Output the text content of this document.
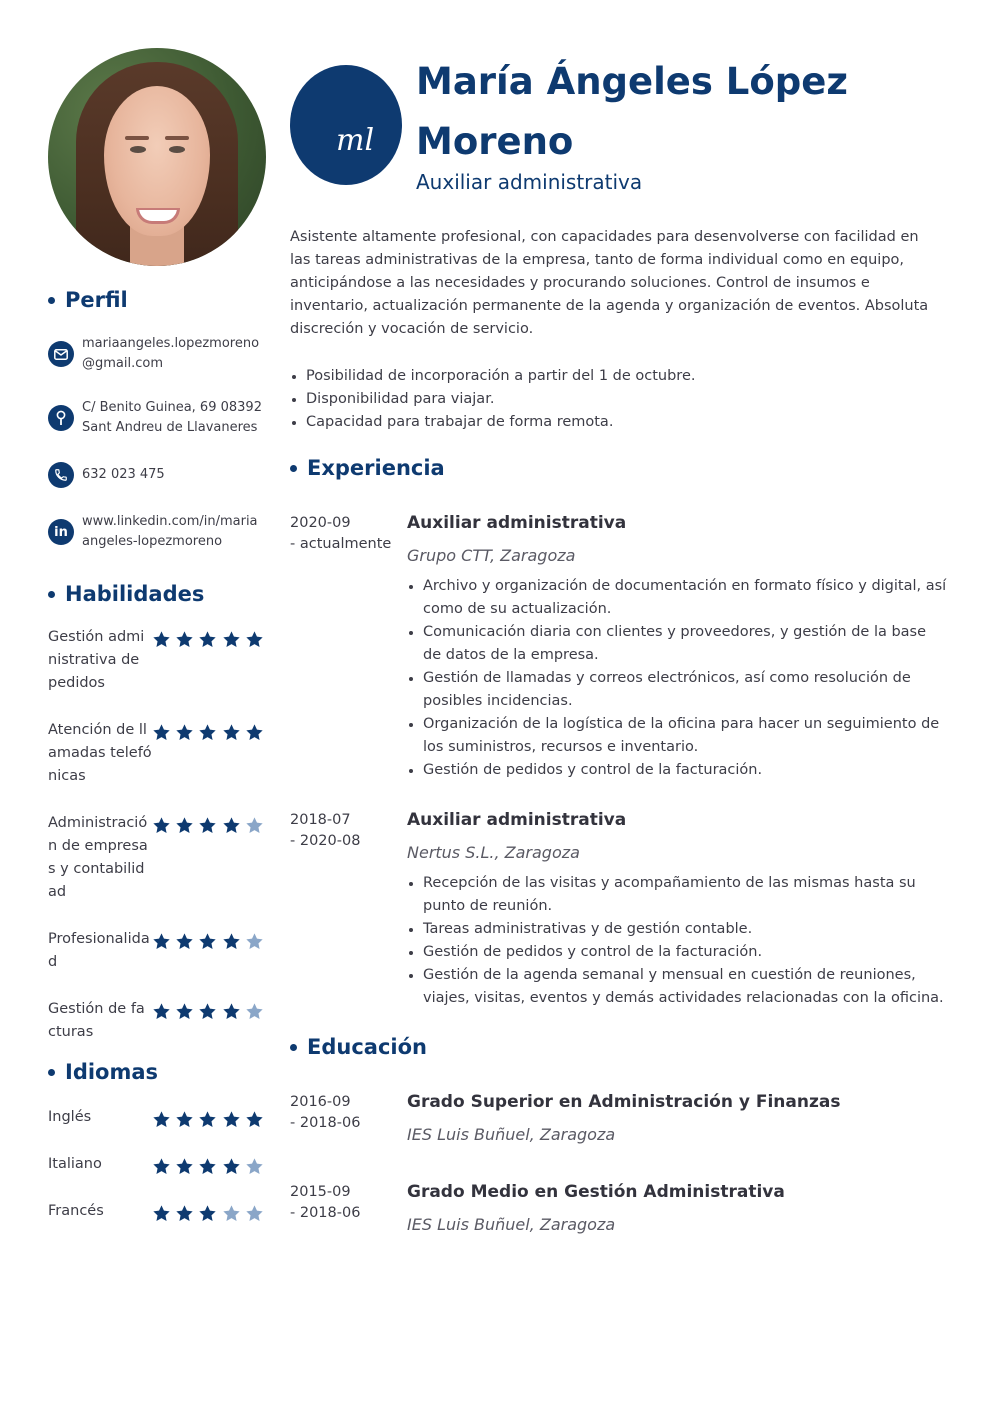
Perfil
mariaangeles.lopezmoreno@gmail.com
C/ Benito Guinea, 69 08392 Sant Andreu de Llavaneres
632 023 475
in
www.linkedin.com/in/mariaangeles-lopezmoreno
Habilidades
Gestión administrativa de pedidos
Atención de llamadas telefónicas
Administración de empresas y contabilidad
Profesionalidad
Gestión de facturas
Idiomas
Inglés
Italiano
Francés
ml
María Ángeles López Moreno
Auxiliar administrativa

Asistente altamente profesional, con capacidades para desenvolverse con facilidad en las tareas administrativas de la empresa, tanto de forma individual como en equipo, anticipándose a las necesidades y procurando soluciones. Control de insumos e inventario, actualización permanente de la agenda y organización de eventos. Absoluta discreción y vocación de servicio.

Posibilidad de incorporación a partir del 1 de octubre.
Disponibilidad para viajar.
Capacidad para trabajar de forma remota.
Experiencia
2020-09
- actualmente
Auxiliar administrativa
Grupo CTT, Zaragoza
Archivo y organización de documentación en formato físico y digital, así como de su actualización.
Comunicación diaria con clientes y proveedores, y gestión de la base de datos de la empresa.
Gestión de llamadas y correos electrónicos, así como resolución de posibles incidencias.
Organización de la logística de la oficina para hacer un seguimiento de los suministros, recursos e inventario.
Gestión de pedidos y control de la facturación.
2018-07
- 2020-08
Auxiliar administrativa
Nertus S.L., Zaragoza
Recepción de las visitas y acompañamiento de las mismas hasta su punto de reunión.
Tareas administrativas y de gestión contable.
Gestión de pedidos y control de la facturación.
Gestión de la agenda semanal y mensual en cuestión de reuniones, viajes, visitas, eventos y demás actividades relacionadas con la oficina.
Educación
2016-09
- 2018-06
Grado Superior en Administración y Finanzas
IES Luis Buñuel, Zaragoza
2015-09
- 2018-06
Grado Medio en Gestión Administrativa
IES Luis Buñuel, Zaragoza
